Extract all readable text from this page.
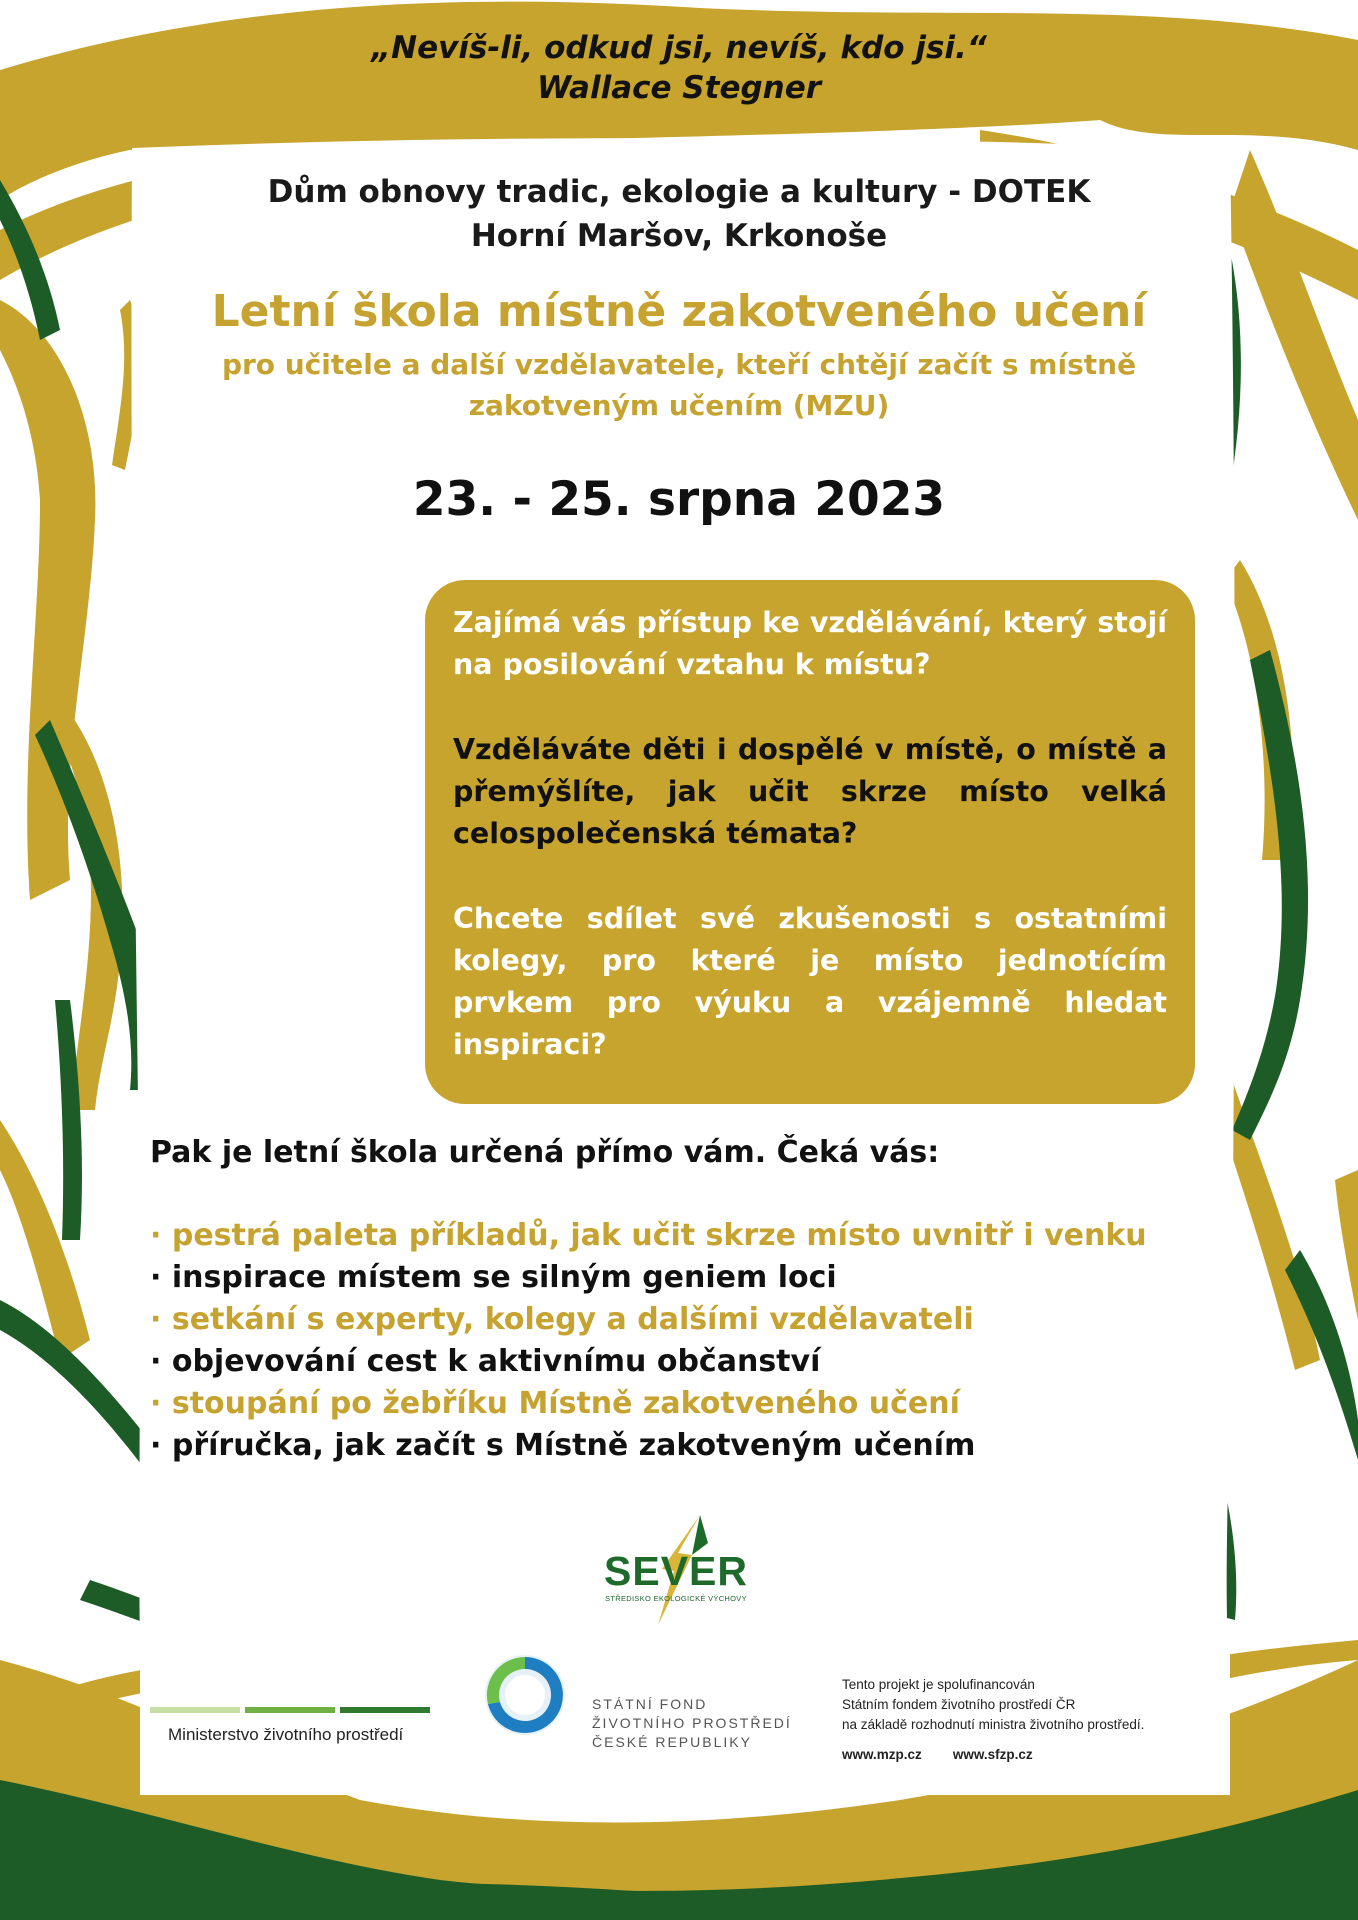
„Nevíš-li, odkud jsi, nevíš, kdo jsi.“
Wallace Stegner
Dům obnovy tradic, ekologie a kultury - DOTEK
Horní Maršov, Krkonoše
Letní škola místně zakotveného učení
pro učitele a další vzdělavatele, kteří chtějí začít s místně
zakotveným učením (MZU)
23. - 25. srpna 2023

Zajímá vás přístup ke vzdělávání, který stojí na posilování vztahu k místu?

Vzděláváte děti i dospělé v místě, o místě a přemýšlíte, jak učit skrze místo velká celospolečenská témata?

Chcete sdílet své zkušenosti s ostatními kolegy, pro které je místo jednotícím prvkem pro výuku a vzájemně hledat inspiraci?

Pak je letní škola určená přímo vám. Čeká vás:
· pestrá paleta příkladů, jak učit skrze místo uvnitř i venku
· inspirace místem se silným geniem loci
· setkání s experty, kolegy a dalšími vzdělavateli
· objevování cest k aktivnímu občanství
· stoupání po žebříku Místně zakotveného učení
· příručka, jak začít s Místně zakotveným učením
SEVER
STŘEDISKO EKOLOGICKÉ VÝCHOVY
Ministerstvo životního prostředí
STÁTNÍ FOND
ŽIVOTNÍHO PROSTŘEDÍ
ČESKÉ REPUBLIKY
Tento projekt je spolufinancován
Státním fondem životního prostředí ČR
na základě rozhodnutí ministra životního prostředí.
www.mzp.cz www.sfzp.cz
